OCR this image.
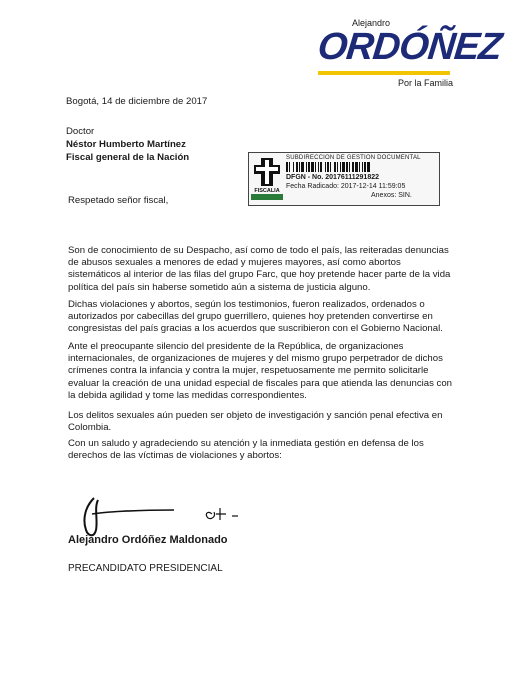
Alejandro
ORDÓÑEZ
Por la Familia
Bogotá, 14 de diciembre de 2017
Doctor
Néstor Humberto Martínez
Fiscal general de la Nación
FISCALIA
SUBDIRECCION DE GESTION DOCUMENTAL
DFGN - No. 20176111291822
Fecha Radicado: 2017-12-14 11:59:05
Anexos: SIN.
Respetado señor fiscal,
Son de conocimiento de su Despacho, así como de todo el país, las reiteradas denuncias
de abusos sexuales a menores de edad y mujeres mayores, así como abortos
sistemáticos al interior de las filas del grupo Farc, que hoy pretende hacer parte de la vida
política del país sin haberse sometido aún a sistema de justicia alguno.
Dichas violaciones y abortos, según los testimonios, fueron realizados, ordenados o
autorizados por cabecillas del grupo guerrillero, quienes hoy pretenden convertirse en
congresistas del país gracias a los acuerdos que suscribieron con el Gobierno Nacional.
Ante el preocupante silencio del presidente de la República, de organizaciones
internacionales, de organizaciones de mujeres y del mismo grupo perpetrador de dichos
crímenes contra la infancia y contra la mujer, respetuosamente me permito solicitarle
evaluar la creación de una unidad especial de fiscales para que atienda las denuncias con
la debida agilidad y tome las medidas correspondientes.
Los delitos sexuales aún pueden ser objeto de investigación y sanción penal efectiva en
Colombia.
Con un saludo y agradeciendo su atención y la inmediata gestión en defensa de los
derechos de las víctimas de violaciones y abortos:
Alejandro Ordóñez Maldonado
PRECANDIDATO PRESIDENCIAL
